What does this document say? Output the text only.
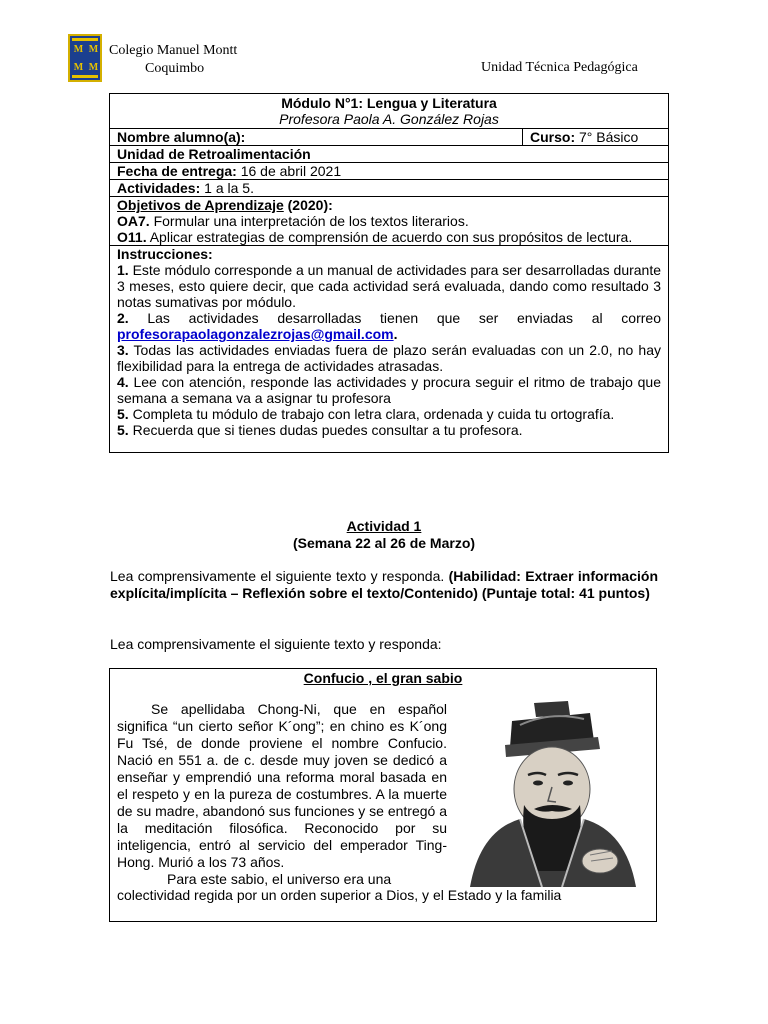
M M
M M
Colegio Manuel Montt
Coquimbo	Unidad Técnica Pedagógica
Módulo N°1: Lengua y Literatura
Profesora Paola A. González Rojas
Nombre alumno(a):	Curso: 7° Básico
Unidad de Retroalimentación
Fecha de entrega: 16 de abril 2021
Actividades: 1 a la 5.
Objetivos de Aprendizaje (2020):
OA7. Formular una interpretación de los textos literarios.
O11. Aplicar estrategias de comprensión de acuerdo con sus propósitos de lectura.
Instrucciones:

1. Este módulo corresponde a un manual de actividades para ser desarrolladas durante 3 meses, esto quiere decir, que cada actividad será evaluada, dando como resultado 3 notas sumativas por módulo.
2. Las actividades desarrolladas tienen que ser enviadas al correo profesorapaolagonzalezrojas@gmail.com.
3. Todas las actividades enviadas fuera de plazo serán evaluadas con un 2.0, no hay flexibilidad para la entrega de actividades atrasadas.
4. Lee con atención, responde las actividades y procura seguir el ritmo de trabajo que semana a semana va a asignar tu profesora
5. Completa tu módulo de trabajo con letra clara, ordenada y cuida tu ortografía.
5. Recuerda que si tienes dudas puedes consultar a tu profesora.
Actividad 1
(Semana 22 al 26 de Marzo)
Lea comprensivamente el siguiente texto y responda. (Habilidad: Extraer información explícita/implícita – Reflexión sobre el texto/Contenido) (Puntaje total: 41 puntos)
Lea comprensivamente el siguiente texto y responda:
Confucio , el gran sabio
Se apellidaba Chong-Ni, que en español significa “un cierto señor K´ong”; en chino es K´ong Fu Tsé, de donde proviene el nombre Confucio. Nació en 551 a. de c. desde muy joven se dedicó a enseñar y emprendió una reforma moral basada en el respeto y en la pureza de costumbres. A la muerte de su madre, abandonó sus funciones y se entregó a la meditación filosófica. Reconocido por su inteligencia, entró al servicio del emperador Ting-Hong. Murió a los 73 años.
Para este sabio, el universo era una
colectividad regida por un orden superior a Dios, y el Estado y la familia
